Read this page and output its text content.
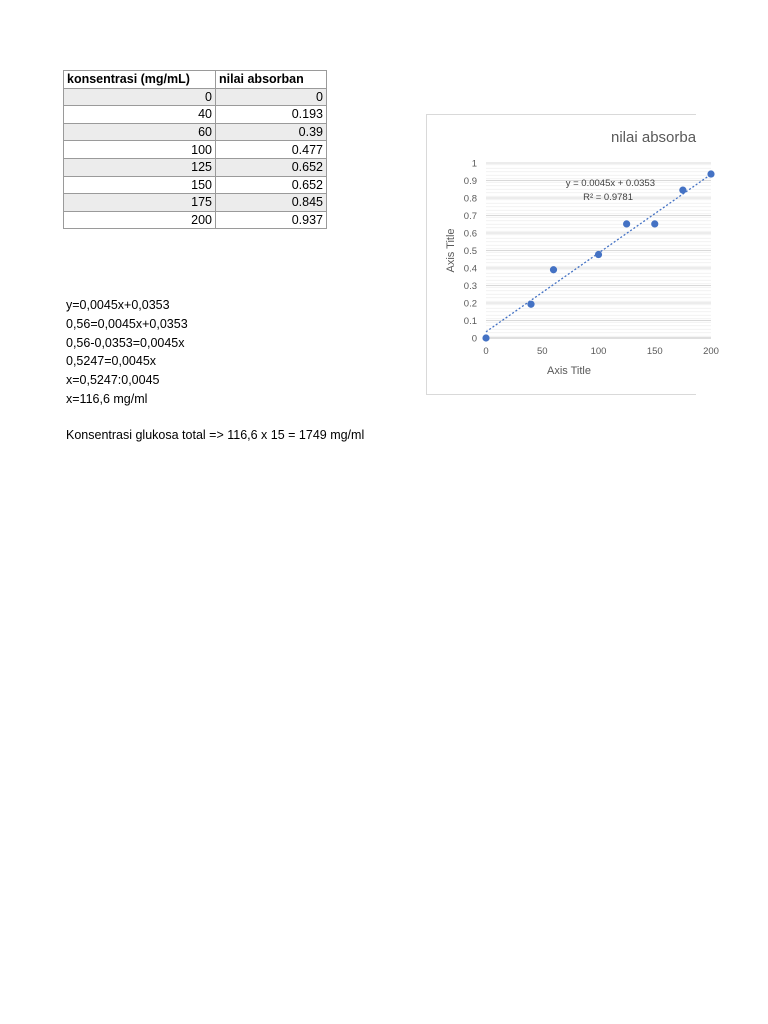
konsentrasi (mg/mL)	nilai absorban
0	0
40	0.193
60	0.39
100	0.477
125	0.652
150	0.652
175	0.845
200	0.937
y=0,0045x+0,0353
0,56=0,0045x+0,0353
0,56-0,0353=0,0045x
0,5247=0,0045x
x=0,5247:0,0045
x=116,6 mg/ml
Konsentrasi glukosa total => 116,6 x 15 = 1749 mg/ml
0
0.1
0.2
0.3
0.4
0.5
0.6
0.7
0.8
0.9
1
0	50	100	150	200
Axis Title
Axis Title
nilai absorba
y = 0.0045x + 0.0353
R² = 0.9781
